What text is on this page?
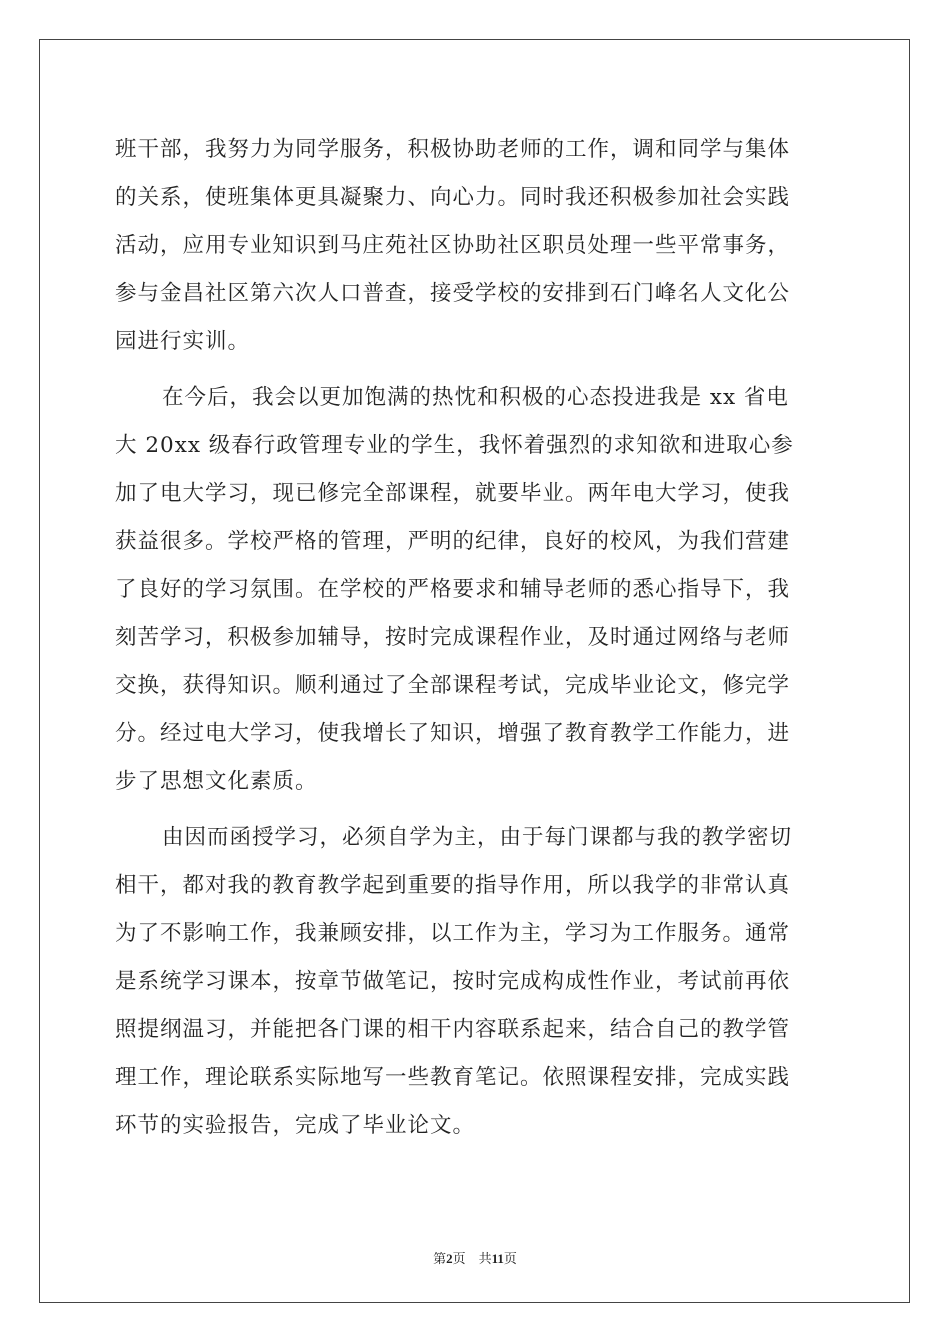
班干部，我努力为同学服务，积极协助老师的工作，调和同学与集体
的关系，使班集体更具凝聚力、向心力。同时我还积极参加社会实践
活动，应用专业知识到马庄苑社区协助社区职员处理一些平常事务，
参与金昌社区第六次人口普查，接受学校的安排到石门峰名人文化公
园进行实训。
在今后，我会以更加饱满的热忱和积极的心态投进我是 xx 省电
大 20xx 级春行政管理专业的学生，我怀着强烈的求知欲和进取心参
加了电大学习，现已修完全部课程，就要毕业。两年电大学习，使我
获益很多。学校严格的管理，严明的纪律，良好的校风，为我们营建
了良好的学习氛围。在学校的严格要求和辅导老师的悉心指导下，我
刻苦学习，积极参加辅导，按时完成课程作业，及时通过网络与老师
交换，获得知识。顺利通过了全部课程考试，完成毕业论文，修完学
分。经过电大学习，使我增长了知识，增强了教育教学工作能力，进
步了思想文化素质。
由因而函授学习，必须自学为主，由于每门课都与我的教学密切
相干，都对我的教育教学起到重要的指导作用，所以我学的非常认真
为了不影响工作，我兼顾安排，以工作为主，学习为工作服务。通常
是系统学习课本，按章节做笔记，按时完成构成性作业，考试前再依
照提纲温习，并能把各门课的相干内容联系起来，结合自己的教学管
理工作，理论联系实际地写一些教育笔记。依照课程安排，完成实践
环节的实验报告，完成了毕业论文。
第2页 共11页
